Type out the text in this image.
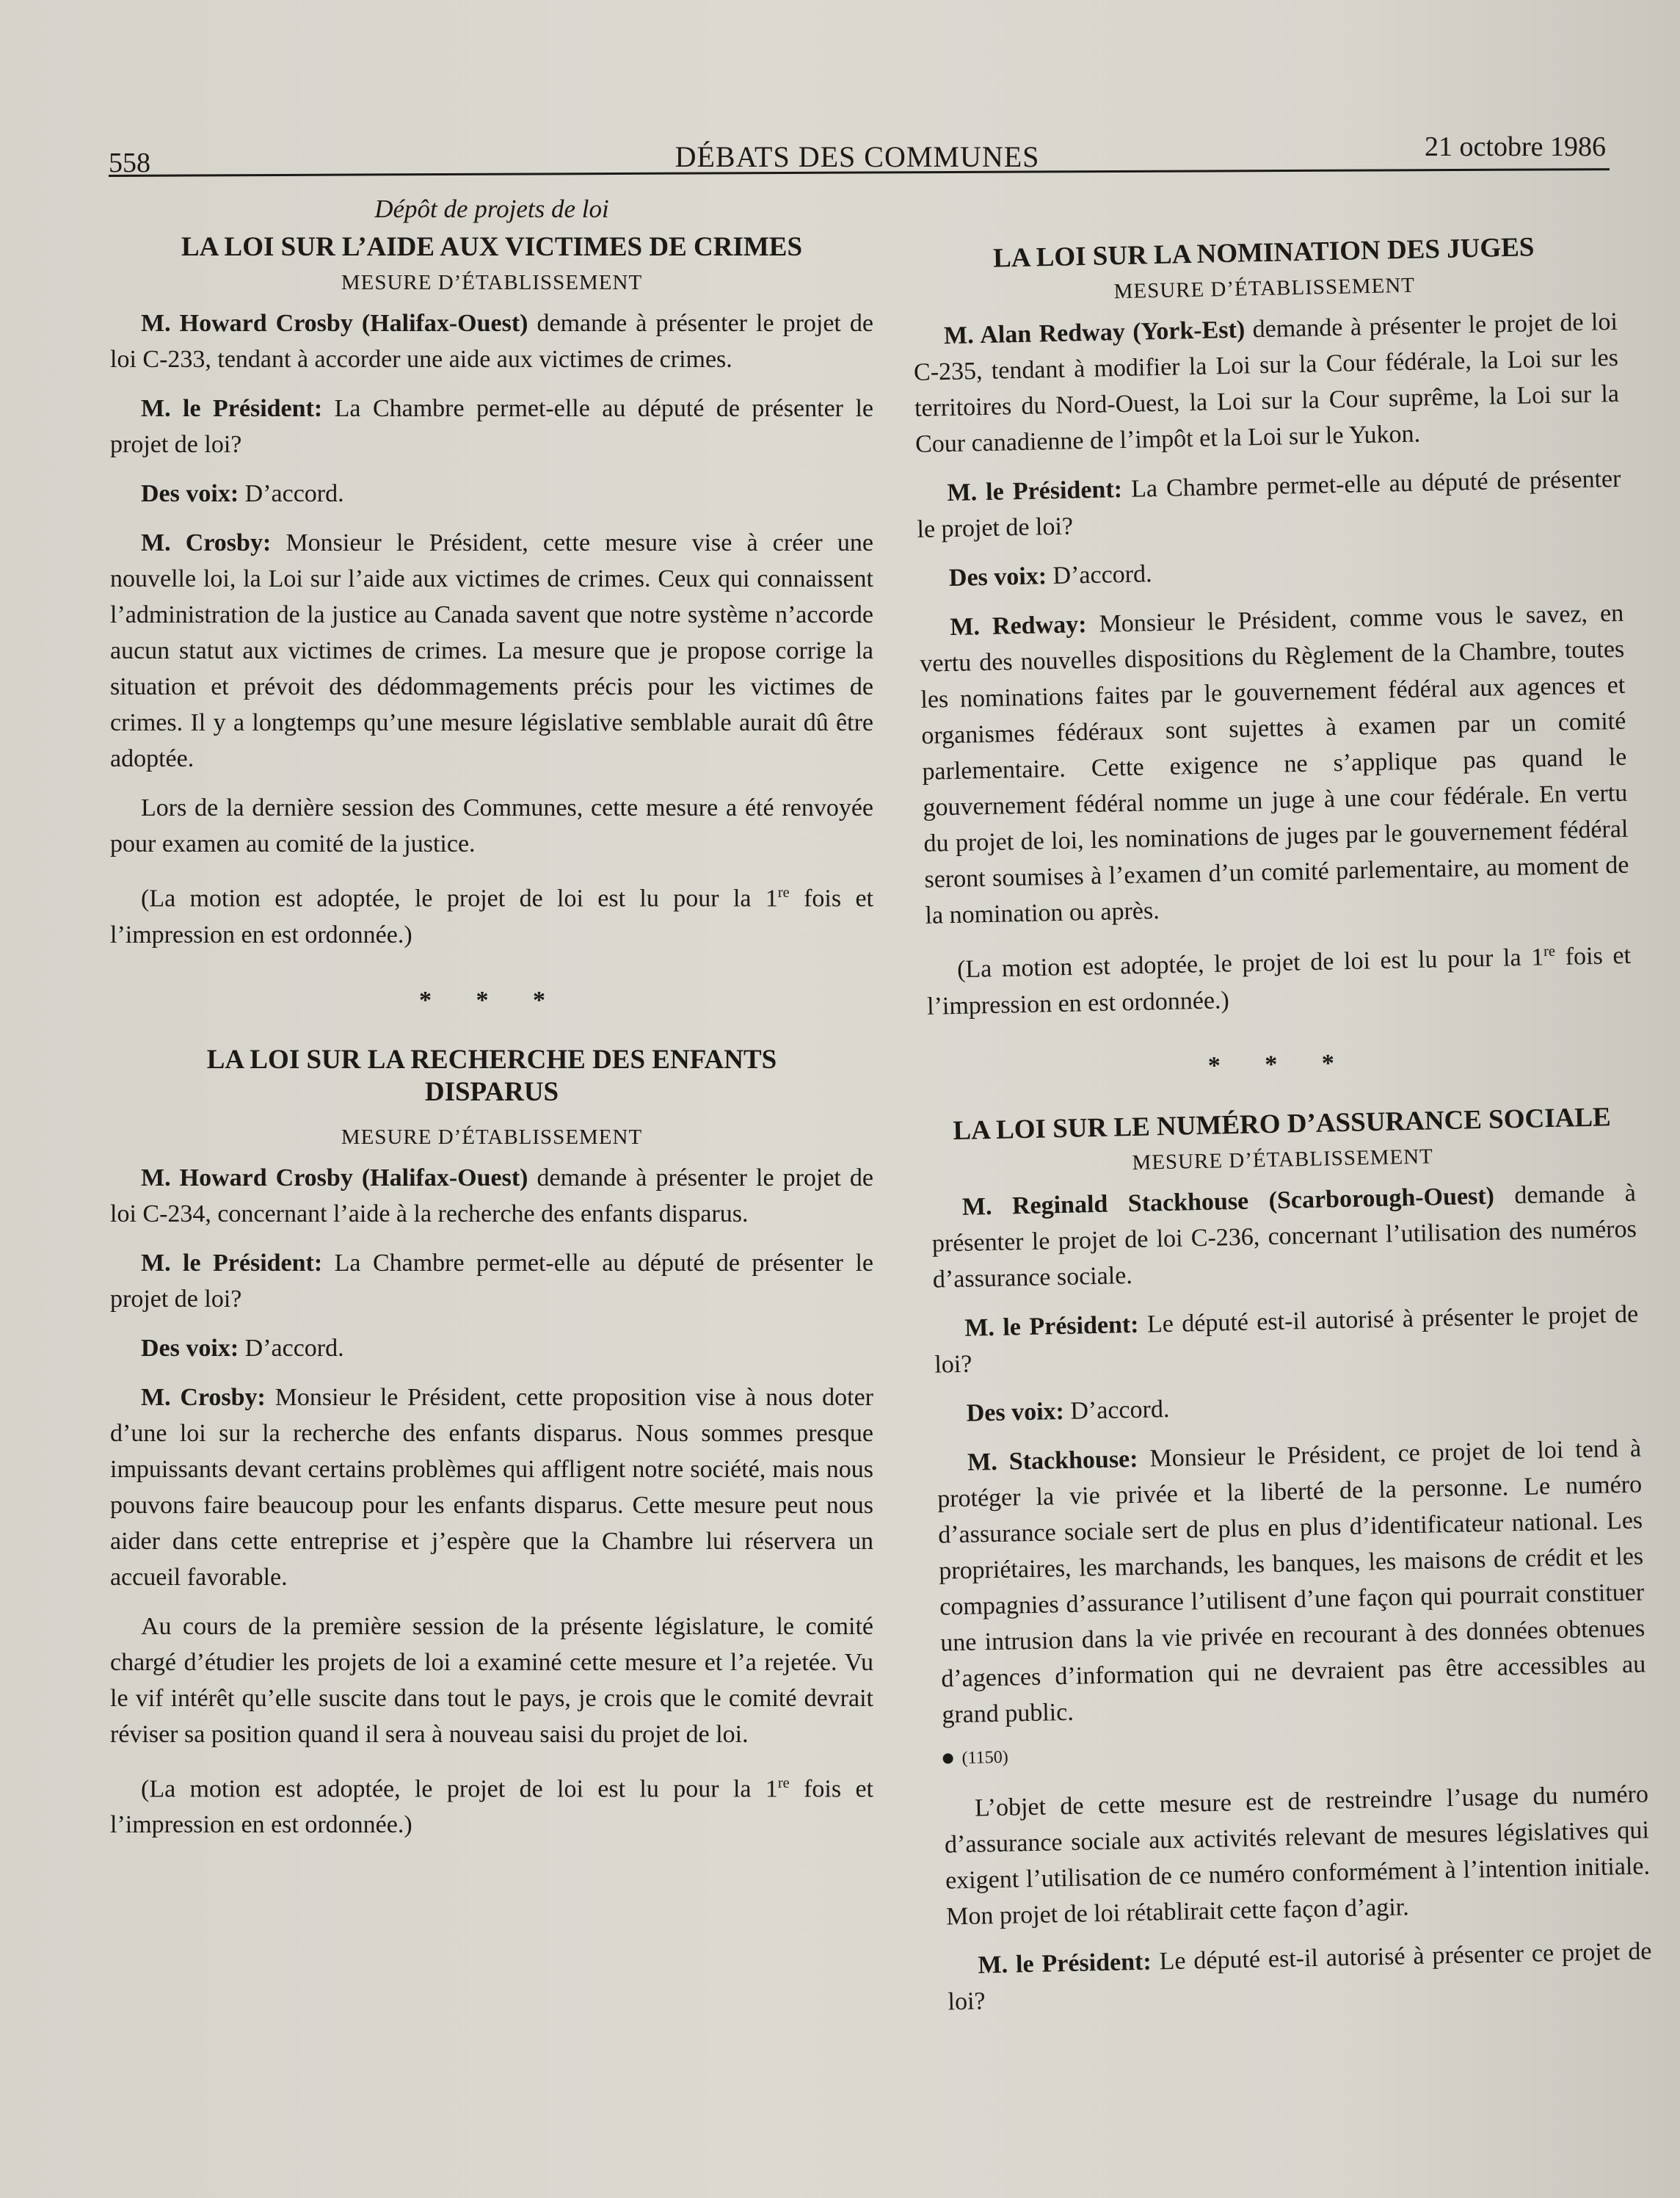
558	DÉBATS DES COMMUNES	21 octobre 1986
Dépôt de projets de loi
LA LOI SUR L’AIDE AUX VICTIMES DE CRIMES
MESURE D’ÉTABLISSEMENT

M. Howard Crosby (Halifax-Ouest) demande à présenter le projet de loi C-233, tendant à accorder une aide aux victimes de crimes.

M. le Président: La Chambre permet-elle au député de présenter le projet de loi?

Des voix: D’accord.

M. Crosby: Monsieur le Président, cette mesure vise à créer une nouvelle loi, la Loi sur l’aide aux victimes de crimes. Ceux qui connaissent l’administration de la justice au Canada savent que notre système n’accorde aucun statut aux victimes de crimes. La mesure que je propose corrige la situation et prévoit des dédommagements précis pour les victimes de crimes. Il y a longtemps qu’une mesure législative semblable aurait dû être adoptée.

Lors de la dernière session des Communes, cette mesure a été renvoyée pour examen au comité de la justice.

(La motion est adoptée, le projet de loi est lu pour la 1re fois et l’impression en est ordonnée.)

* * *
LA LOI SUR LA RECHERCHE DES ENFANTS DISPARUS
MESURE D’ÉTABLISSEMENT

M. Howard Crosby (Halifax-Ouest) demande à présenter le projet de loi C-234, concernant l’aide à la recherche des enfants disparus.

M. le Président: La Chambre permet-elle au député de présenter le projet de loi?

Des voix: D’accord.

M. Crosby: Monsieur le Président, cette proposition vise à nous doter d’une loi sur la recherche des enfants disparus. Nous sommes presque impuissants devant certains problèmes qui affligent notre société, mais nous pouvons faire beaucoup pour les enfants disparus. Cette mesure peut nous aider dans cette entreprise et j’espère que la Chambre lui réservera un accueil favorable.

Au cours de la première session de la présente législature, le comité chargé d’étudier les projets de loi a examiné cette mesure et l’a rejetée. Vu le vif intérêt qu’elle suscite dans tout le pays, je crois que le comité devrait réviser sa position quand il sera à nouveau saisi du projet de loi.

(La motion est adoptée, le projet de loi est lu pour la 1re fois et l’impression en est ordonnée.)

LA LOI SUR LA NOMINATION DES JUGES
MESURE D’ÉTABLISSEMENT

M. Alan Redway (York-Est) demande à présenter le projet de loi C-235, tendant à modifier la Loi sur la Cour fédérale, la Loi sur les territoires du Nord-Ouest, la Loi sur la Cour suprême, la Loi sur la Cour canadienne de l’impôt et la Loi sur le Yukon.

M. le Président: La Chambre permet-elle au député de présenter le projet de loi?

Des voix: D’accord.

M. Redway: Monsieur le Président, comme vous le savez, en vertu des nouvelles dispositions du Règlement de la Chambre, toutes les nominations faites par le gouvernement fédéral aux agences et organismes fédéraux sont sujettes à examen par un comité parlementaire. Cette exigence ne s’applique pas quand le gouvernement fédéral nomme un juge à une cour fédérale. En vertu du projet de loi, les nominations de juges par le gouvernement fédéral seront soumises à l’examen d’un comité parlementaire, au moment de la nomination ou après.

(La motion est adoptée, le projet de loi est lu pour la 1re fois et l’impression en est ordonnée.)

* * *
LA LOI SUR LE NUMÉRO D’ASSURANCE SOCIALE
MESURE D’ÉTABLISSEMENT

M. Reginald Stackhouse (Scarborough-Ouest) demande à présenter le projet de loi C-236, concernant l’utilisation des numéros d’assurance sociale.

M. le Président: Le député est-il autorisé à présenter le projet de loi?

Des voix: D’accord.

M. Stackhouse: Monsieur le Président, ce projet de loi tend à protéger la vie privée et la liberté de la personne. Le numéro d’assurance sociale sert de plus en plus d’identificateur national. Les propriétaires, les marchands, les banques, les maisons de crédit et les compagnies d’assurance l’utilisent d’une façon qui pourrait constituer une intrusion dans la vie privée en recourant à des données obtenues d’agences d’information qui ne devraient pas être accessibles au grand public.

(1150)

L’objet de cette mesure est de restreindre l’usage du numéro d’assurance sociale aux activités relevant de mesures législatives qui exigent l’utilisation de ce numéro conformément à l’intention initiale. Mon projet de loi rétablirait cette façon d’agir.

M. le Président: Le député est-il autorisé à présenter ce projet de loi?
